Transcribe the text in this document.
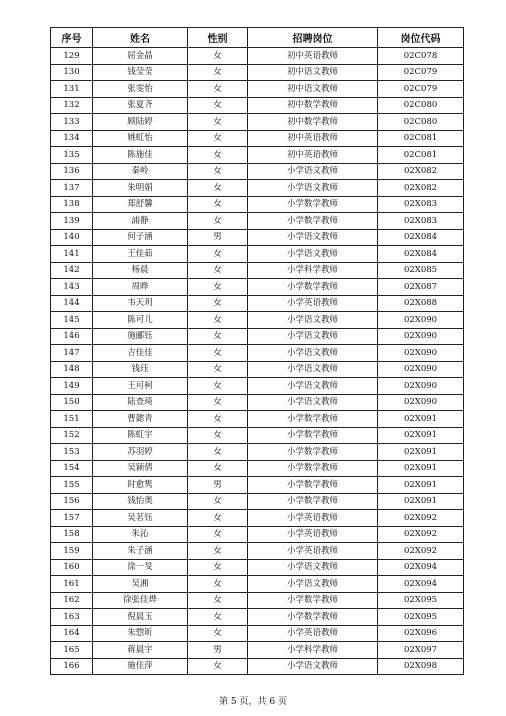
序号	姓名	性别	招聘岗位	岗位代码
129	屈金晶	女	初中英语教师	02C078
130	钱莹莹	女	初中语文教师	02C079
131	张雯怡	女	初中语文教师	02C079
132	张夏齐	女	初中数学教师	02C080
133	顾陆婷	女	初中数学教师	02C080
134	姚虹怡	女	初中英语教师	02C081
135	陈施佳	女	初中英语教师	02C081
136	秦岭	女	小学语文教师	02X082
137	朱明娟	女	小学语文教师	02X082
138	郑舒馨	女	小学数学教师	02X083
139	浦静	女	小学数学教师	02X083
140	何子涵	男	小学语文教师	02X084
141	王佳茹	女	小学语文教师	02X084
142	杨晨	女	小学科学教师	02X085
143	周晔	女	小学数学教师	02X087
144	韦天玥	女	小学英语教师	02X088
145	陈可儿	女	小学语文教师	02X090
146	施郦钰	女	小学语文教师	02X090
147	吉佳佳	女	小学语文教师	02X090
148	钱珏	女	小学语文教师	02X090
149	王可柯	女	小学语文教师	02X090
150	陆查琦	女	小学语文教师	02X090
151	曹懿青	女	小学数学教师	02X091
152	陈虹宇	女	小学数学教师	02X091
153	苏羽婷	女	小学数学教师	02X091
154	吴颖倩	女	小学数学教师	02X091
155	时愈隽	男	小学数学教师	02X091
156	钱怡奥	女	小学数学教师	02X091
157	吴茗钰	女	小学英语教师	02X092
158	朱沁	女	小学英语教师	02X092
159	朱子涵	女	小学英语教师	02X092
160	徐一旻	女	小学语文教师	02X094
161	吴湘	女	小学语文教师	02X094
162	徐张佳烨	女	小学数学教师	02X095
163	倪晨玉	女	小学数学教师	02X095
164	朱惣昕	女	小学英语教师	02X096
165	蒋晨宇	男	小学科学教师	02X097
166	施佳萍	女	小学语文教师	02X098
第 5 页，共 6 页
